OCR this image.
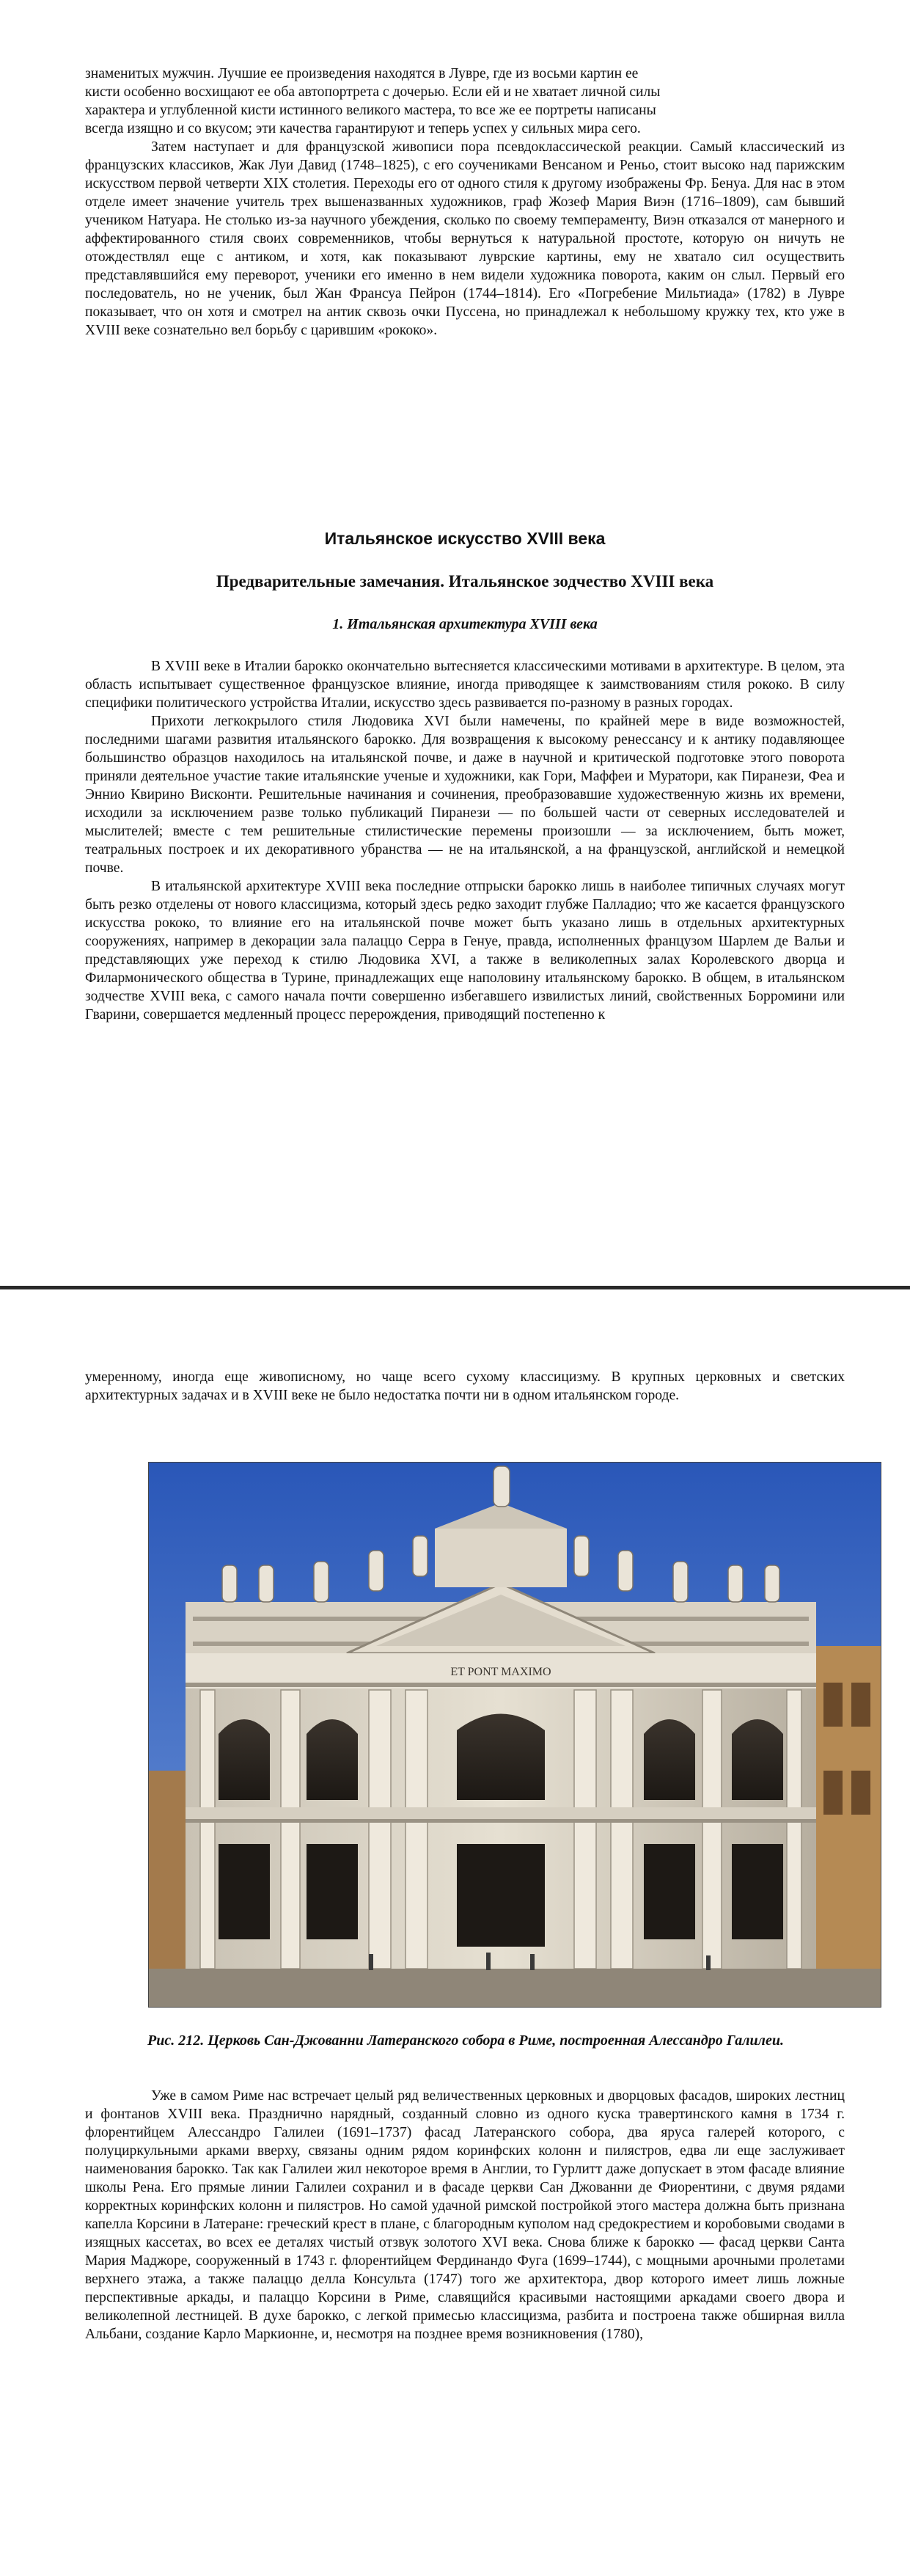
знаменитых мужчин. Лучшие ее произведения находятся в Лувре, где из восьми картин ее

кисти особенно восхищают ее оба автопортрета с дочерью. Если ей и не хватает личной силы

характера и углубленной кисти истинного великого мастера, то все же ее портреты написаны

всегда изящно и со вкусом; эти качества гарантируют и теперь успех у сильных мира сего.

Затем наступает и для французской живописи пора псевдоклассической реакции. Самый классический из французских классиков, Жак Луи Давид (1748–1825), с его соучениками Венсаном и Реньо, стоит высоко над парижским искусством первой четверти XIX столетия. Переходы его от одного стиля к другому изображены Фр. Бенуа. Для нас в этом отделе имеет значение учитель трех вышеназванных художников, граф Жозеф Мария Виэн (1716–1809), сам бывший учеником Натуара. Не столько из-за научного убеждения, сколько по своему темпераменту, Виэн отказался от манерного и аффектированного стиля своих современников, чтобы вернуться к натуральной простоте, которую он ничуть не отождествлял еще с антиком, и хотя, как показывают луврские картины, ему не хватало сил осуществить представлявшийся ему переворот, ученики его именно в нем видели художника поворота, каким он слыл. Первый его последователь, но не ученик, был Жан Франсуа Пейрон (1744–1814). Его «Погребение Мильтиада» (1782) в Лувре показывает, что он хотя и смотрел на антик сквозь очки Пуссена, но принадлежал к небольшому кружку тех, кто уже в XVIII веке сознательно вел борьбу с царившим «рококо».

Итальянское искусство XVIII века
Предварительные замечания. Итальянское зодчество XVIII века
1. Итальянская архитектура XVIII века

В XVIII веке в Италии барокко окончательно вытесняется классическими мотивами в архитектуре. В целом, эта область испытывает существенное французское влияние, иногда приводящее к заимствованиям стиля рококо. В силу специфики политического устройства Италии, искусство здесь развивается по-разному в разных городах.

Прихоти легкокрылого стиля Людовика XVI были намечены, по крайней мере в виде возможностей, последними шагами развития итальянского барокко. Для возвращения к высокому ренессансу и к антику подавляющее большинство образцов находилось на итальянской почве, и даже в научной и критической подготовке этого поворота приняли деятельное участие такие итальянские ученые и художники, как Гори, Маффеи и Муратори, как Пиранези, Феа и Эннио Квирино Висконти. Решительные начинания и сочинения, преобразовавшие художественную жизнь их времени, исходили за исключением разве только публикаций Пиранези — по большей части от северных исследователей и мыслителей; вместе с тем решительные стилистические перемены произошли — за исключением, быть может, театральных построек и их декоративного убранства — не на итальянской, а на французской, английской и немецкой почве.

В итальянской архитектуре XVIII века последние отпрыски барокко лишь в наиболее типичных случаях могут быть резко отделены от нового классицизма, который здесь редко заходит глубже Палладио; что же касается французского искусства рококо, то влияние его на итальянской почве может быть указано лишь в отдельных архитектурных сооружениях, например в декорации зала палаццо Серра в Генуе, правда, исполненных французом Шарлем де Вальи и представляющих уже переход к стилю Людовика XVI, а также в великолепных залах Королевского дворца и Филармонического общества в Турине, принадлежащих еще наполовину итальянскому барокко. В общем, в итальянском зодчестве XVIII века, с самого начала почти совершенно избегавшего извилистых линий, свойственных Борромини или Гварини, совершается медленный процесс перерождения, приводящий постепенно к

умеренному, иногда еще живописному, но чаще всего сухому классицизму. В крупных церковных и светских архитектурных задачах и в XVIII веке не было недостатка почти ни в одном итальянском городе.

ET PONT MAXIMO

Рис. 212. Церковь Сан-Джованни Латеранского собора в Риме, построенная Алессандро Галилеи.

Уже в самом Риме нас встречает целый ряд величественных церковных и дворцовых фасадов, широких лестниц и фонтанов XVIII века. Празднично нарядный, созданный словно из одного куска травертинского камня в 1734 г. флорентийцем Алессандро Галилеи (1691–1737) фасад Латеранского собора, два яруса галерей которого, с полуциркульными арками вверху, связаны одним рядом коринфских колонн и пилястров, едва ли еще заслуживает наименования барокко. Так как Галилеи жил некоторое время в Англии, то Гурлитт даже допускает в этом фасаде влияние школы Рена. Его прямые линии Галилеи сохранил и в фасаде церкви Сан Джованни де Фиорентини, с двумя рядами корректных коринфских колонн и пилястров. Но самой удачной римской постройкой этого мастера должна быть признана капелла Корсини в Латеране: греческий крест в плане, с благородным куполом над средокрестием и коробовыми сводами в изящных кассетах, во всех ее деталях чистый отзвук золотого XVI века. Снова ближе к барокко — фасад церкви Санта Мария Маджоре, сооруженный в 1743 г. флорентийцем Фердинандо Фуга (1699–1744), с мощными арочными пролетами верхнего этажа, а также палаццо делла Консульта (1747) того же архитектора, двор которого имеет лишь ложные перспективные аркады, и палаццо Корсини в Риме, славящийся красивыми настоящими аркадами своего двора и великолепной лестницей. В духе барокко, с легкой примесью классицизма, разбита и построена также обширная вилла Альбани, создание Карло Маркионне, и, несмотря на позднее время возникновения (1780),
